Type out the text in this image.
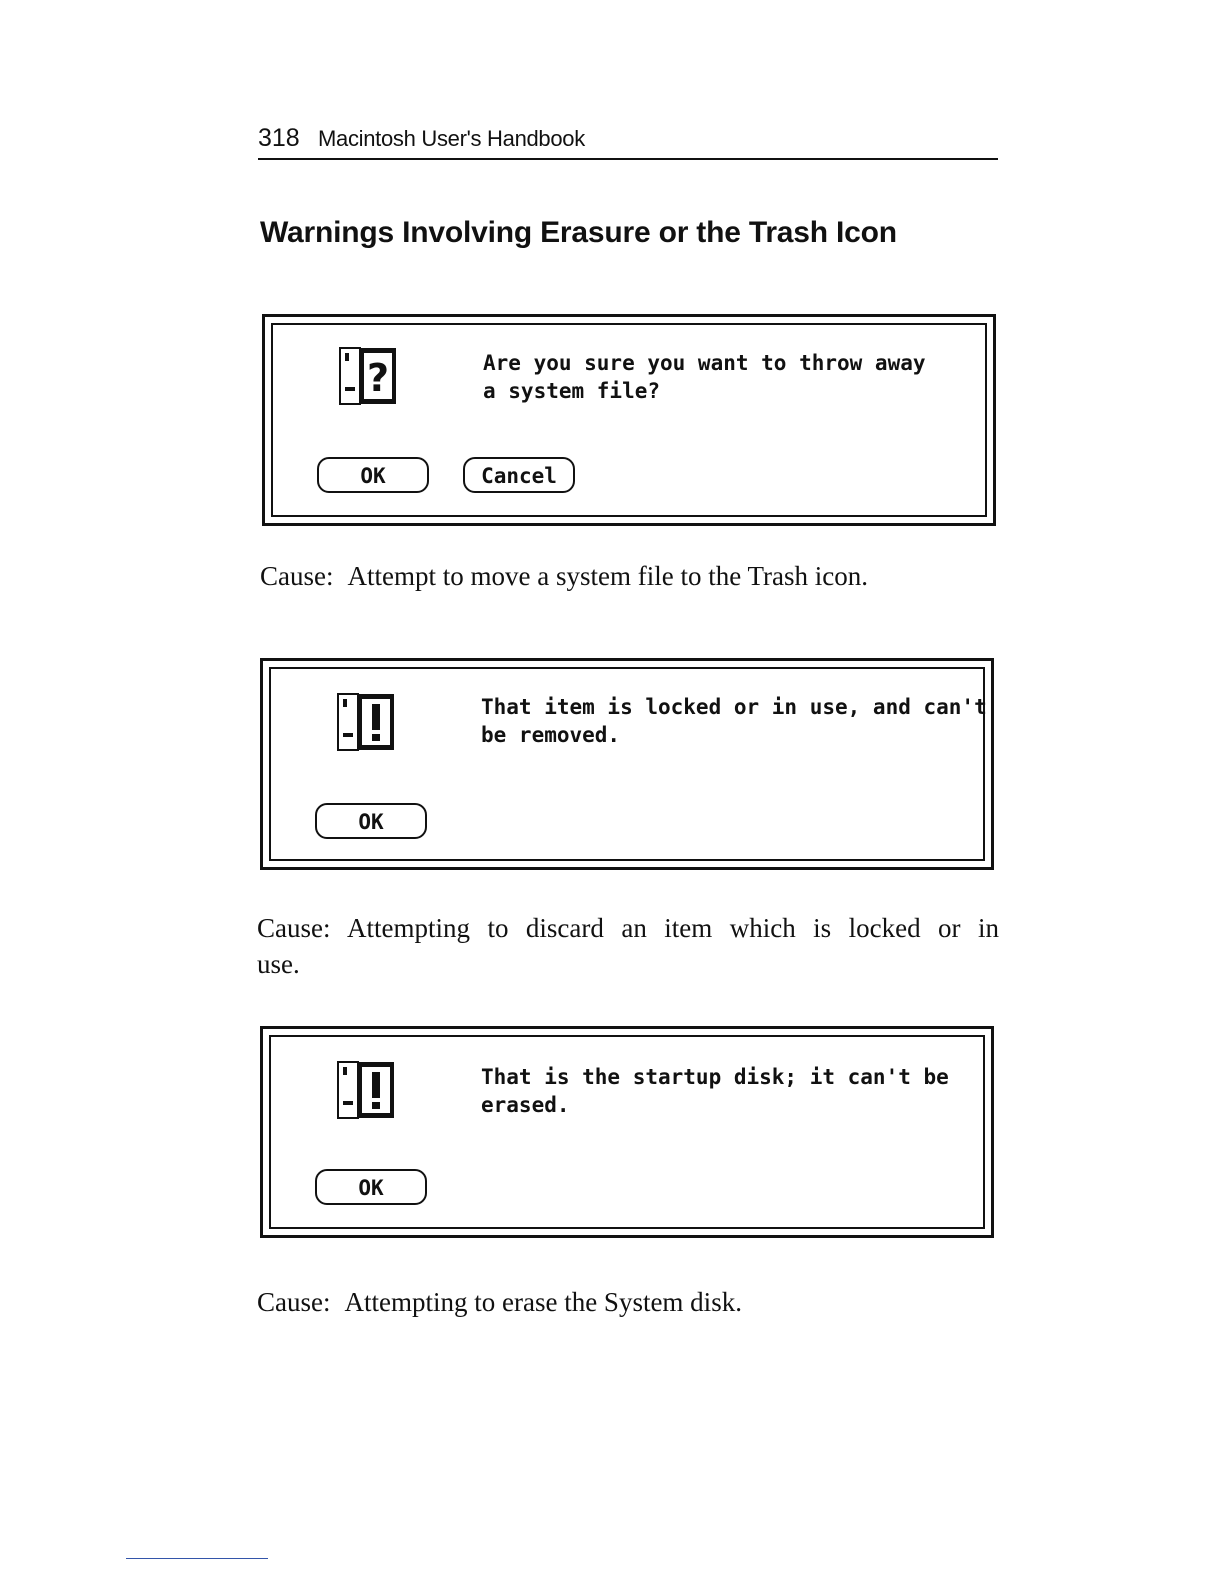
318 Macintosh User's Handbook
Warnings Involving Erasure or the Trash Icon
?	Are you sure you want to throw away
a system file?
OK	Cancel
Cause: Attempt to move a system file to the Trash icon.
That item is locked or in use, and can't
be removed.
OK
Cause: Attempting to discard an item which is locked or in
use.
That is the startup disk; it can't be
erased.
OK
Cause: Attempting to erase the System disk.
